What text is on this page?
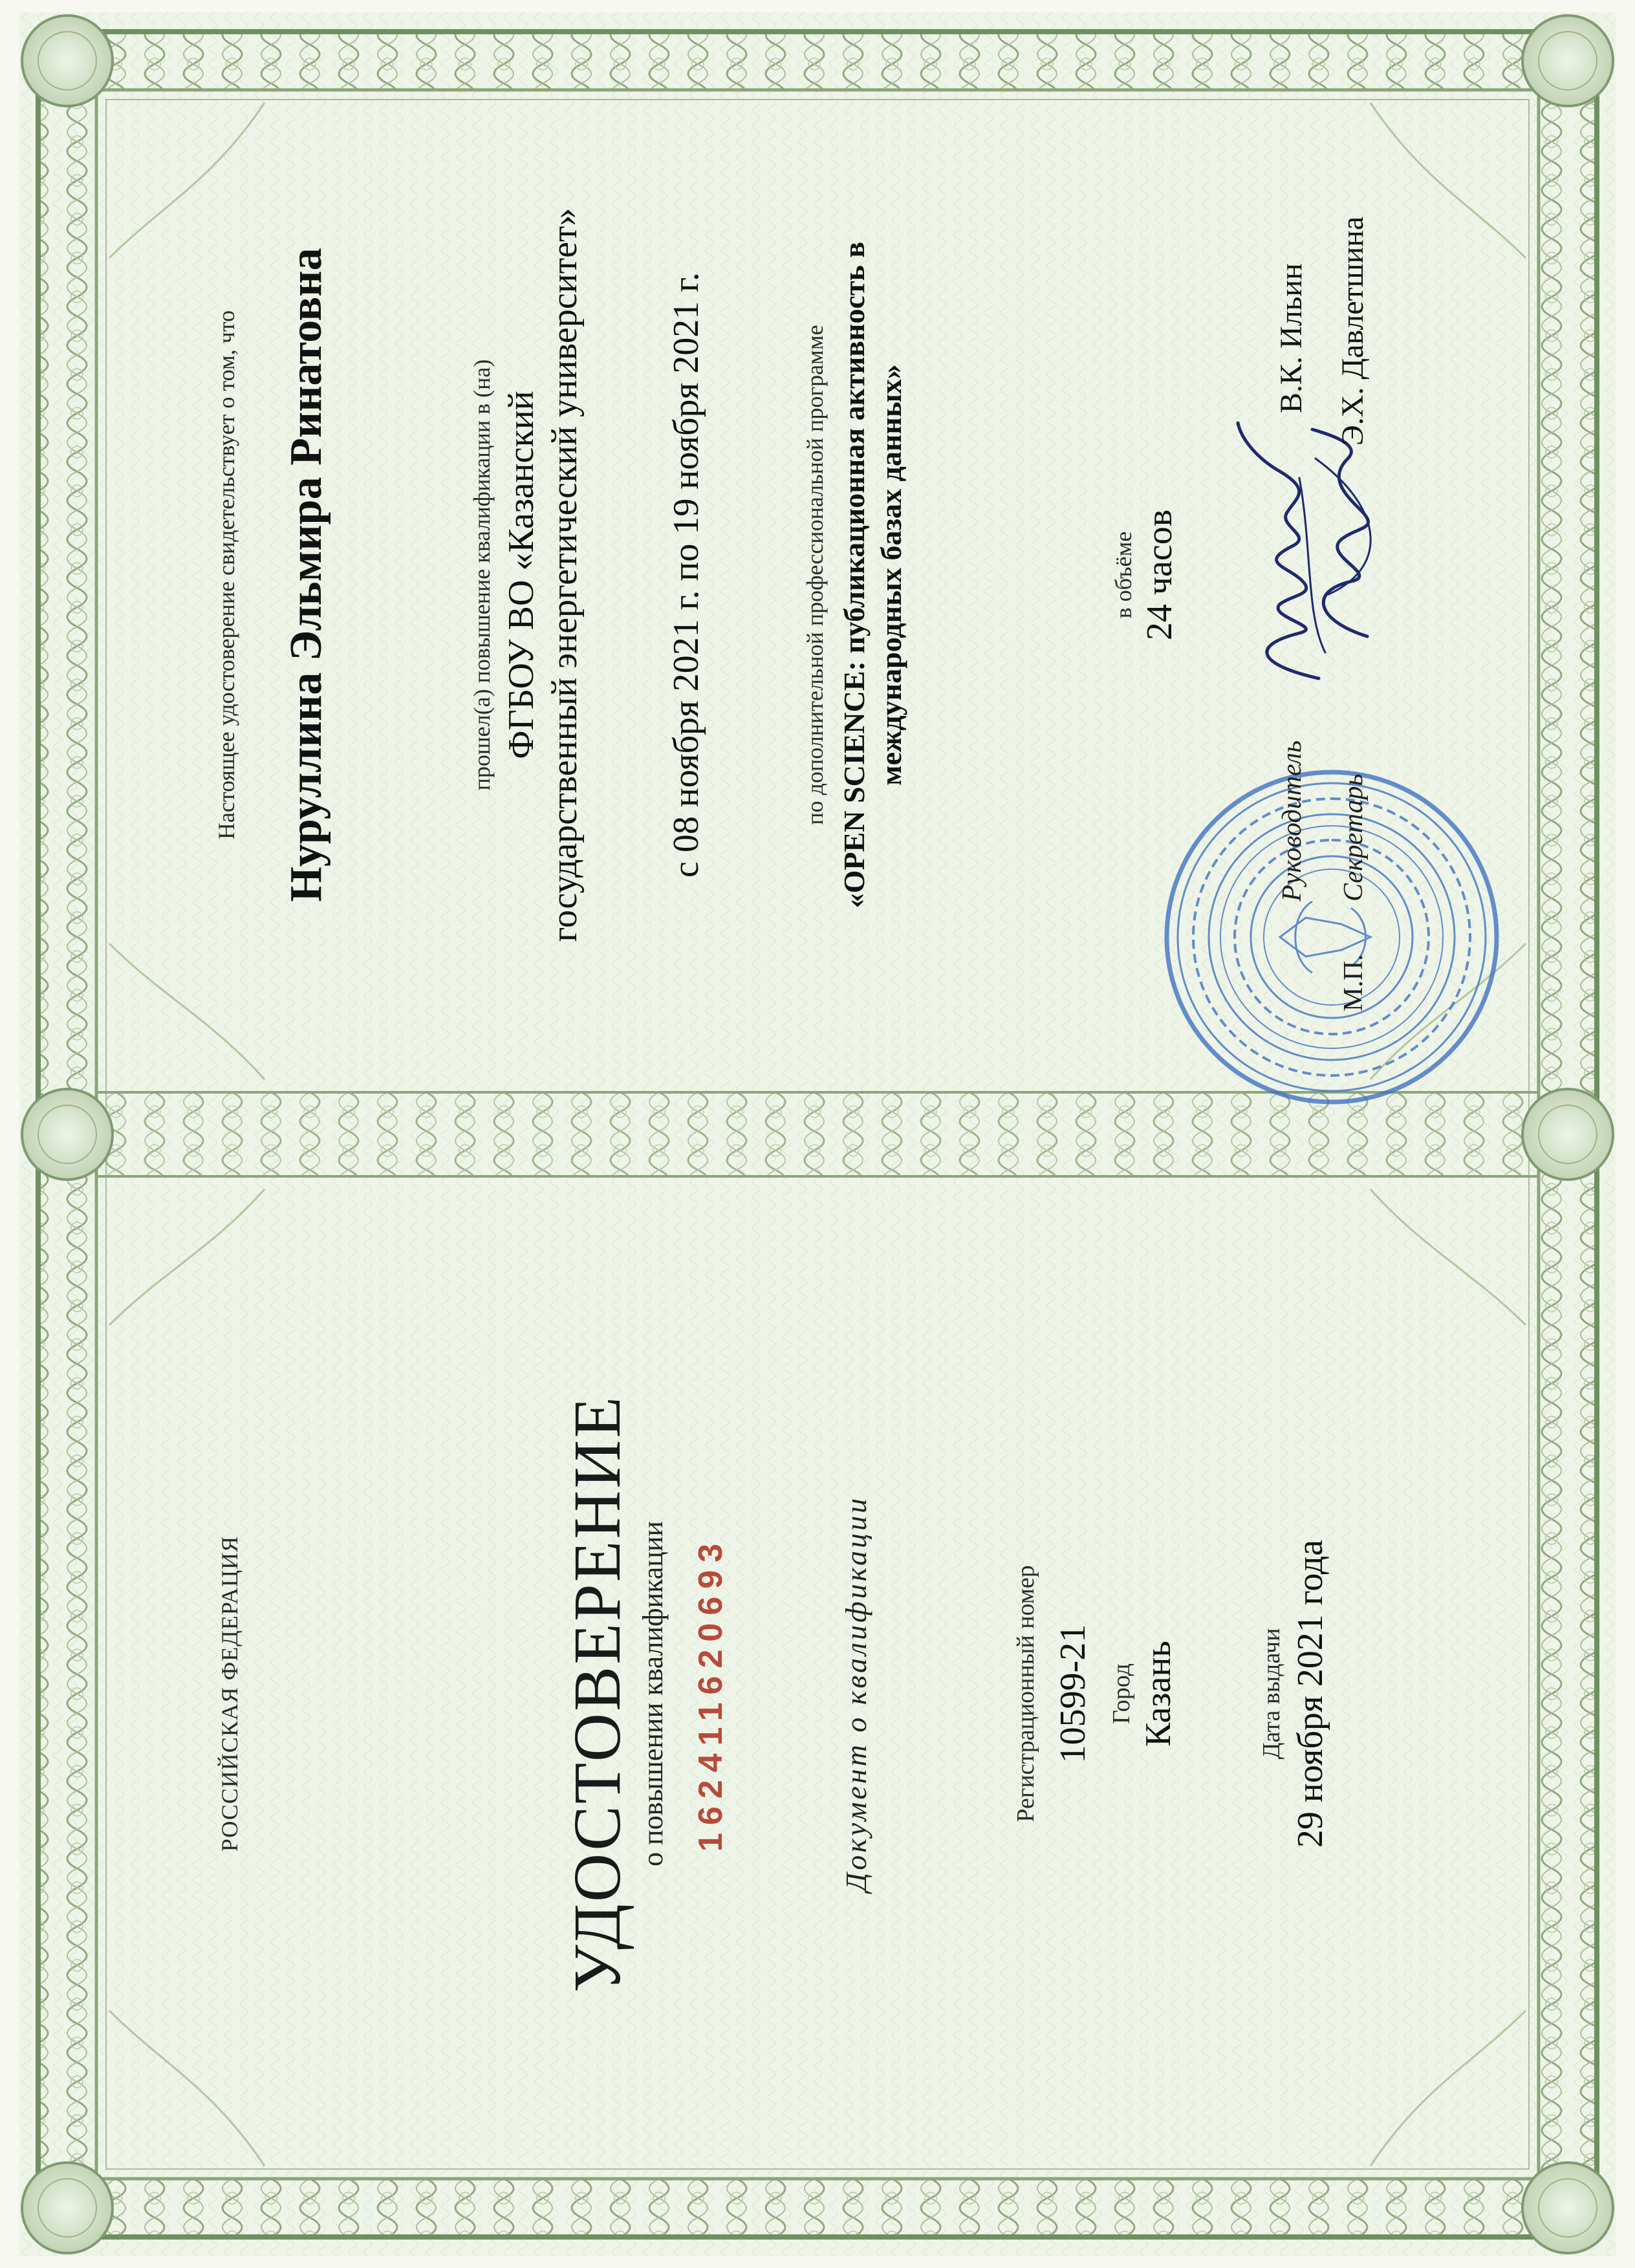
РОССИЙСКАЯ ФЕДЕРАЦИЯ	УДОСТОВЕРЕНИЕ о повышении квалификации 162411620693	Документ о квалификации	Регистрационный номер 10599-21 Город Казань	Дата выдачи 29 ноября 2021 года
Настоящее удостоверение свидетельствует о том, что Нуруллина Эльмира Ринатовна	прошел(а) повышение квалификации в (на) ФГБОУ ВО «Казанский государственный энергетический университет» с 08 ноября 2021 г. по 19 ноября 2021 г.	по дополнительной профессиональной программе «OPEN SCIENCE: публикационная активность в международных базах данных»	в объёме 24 часов
М.П.
Руководитель
В.К. Ильин
Секретарь
Э.Х. Давлетшина
